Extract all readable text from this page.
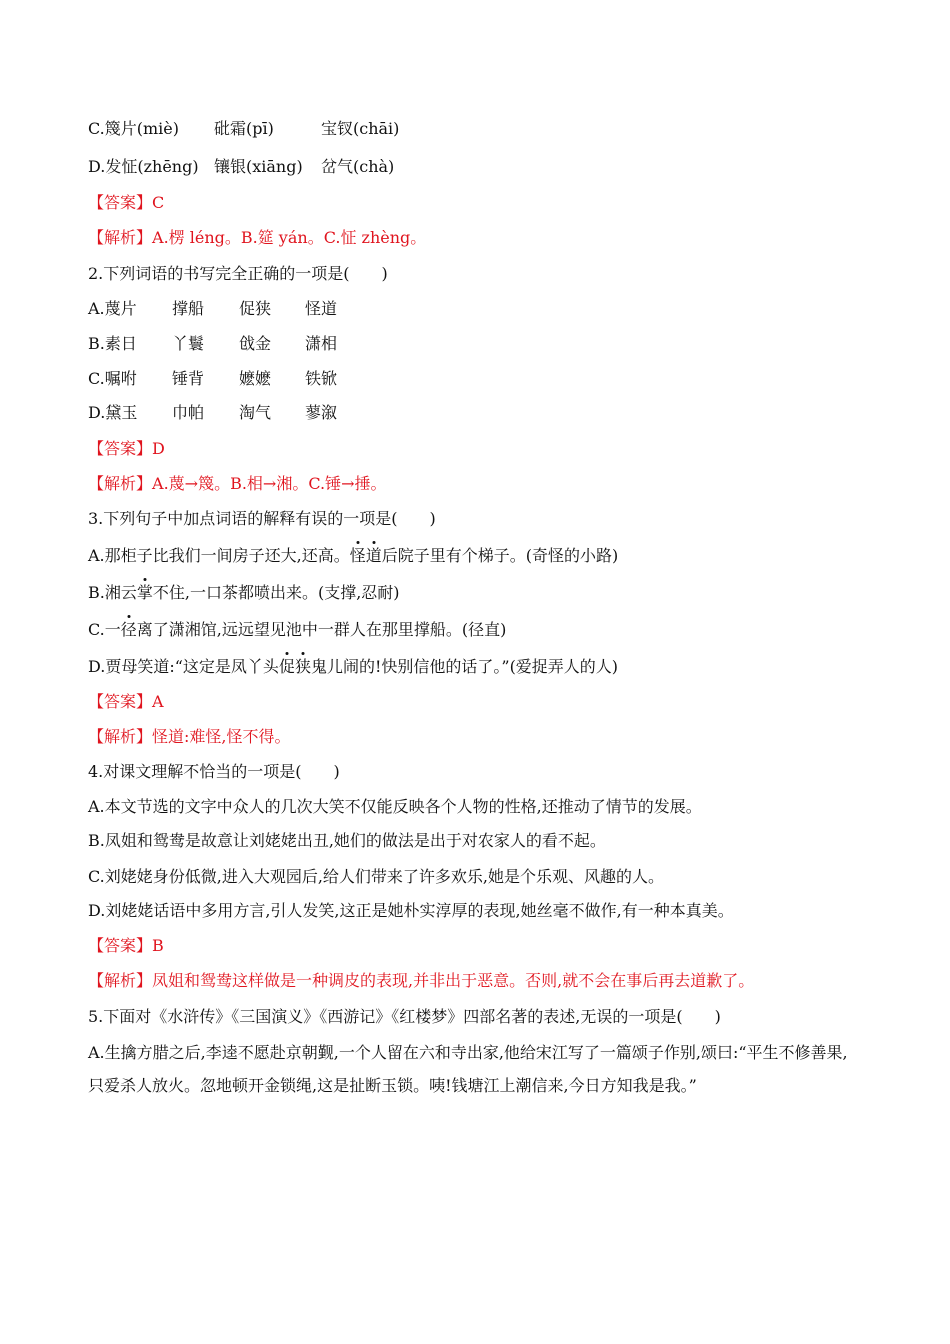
C.篾片(miè)	砒霜(pī)	宝钗(chāi)
D.发怔(zhēng) 镶银(xiāng)	岔气(chà)
【答案】C
【解析】A.楞 léng。B.筵 yán。C.怔 zhèng。
2.下列词语的书写完全正确的一项是(　　)
A.蔑片	撑船	促狭	怪道
B.素日	丫鬟	戗金	潇相
C.嘱咐	锤背	嬷嬷	铁锨
D.黛玉	巾帕	淘气	蓼溆
【答案】D
【解析】A.蔑→篾。B.相→湘。C.锤→捶。
3.下列句子中加点词语的解释有误的一项是(　　)
A.那柜子比我们一间房子还大,还高。怪道后院子里有个梯子。(奇怪的小路)
B.湘云掌不住,一口茶都喷出来。(支撑,忍耐)
C.一径离了潇湘馆,远远望见池中一群人在那里撑船。(径直)
D.贾母笑道:“这定是凤丫头促狭鬼儿闹的!快别信他的话了。”(爱捉弄人的人)
【答案】A
【解析】怪道:难怪,怪不得。
4.对课文理解不恰当的一项是(　　)
A.本文节选的文字中众人的几次大笑不仅能反映各个人物的性格,还推动了情节的发展。
B.凤姐和鸳鸯是故意让刘姥姥出丑,她们的做法是出于对农家人的看不起。
C.刘姥姥身份低微,进入大观园后,给人们带来了许多欢乐,她是个乐观、风趣的人。
D.刘姥姥话语中多用方言,引人发笑,这正是她朴实淳厚的表现,她丝毫不做作,有一种本真美。
【答案】B
【解析】凤姐和鸳鸯这样做是一种调皮的表现,并非出于恶意。否则,就不会在事后再去道歉了。
5.下面对《水浒传》《三国演义》《西游记》《红楼梦》四部名著的表述,无误的一项是(　　)
A.生擒方腊之后,李逵不愿赴京朝觐,一个人留在六和寺出家,他给宋江写了一篇颂子作别,颂曰:“平生不修善果,只爱杀人放火。忽地顿开金锁绳,这是扯断玉锁。咦!钱塘江上潮信来,今日方知我是我。”
